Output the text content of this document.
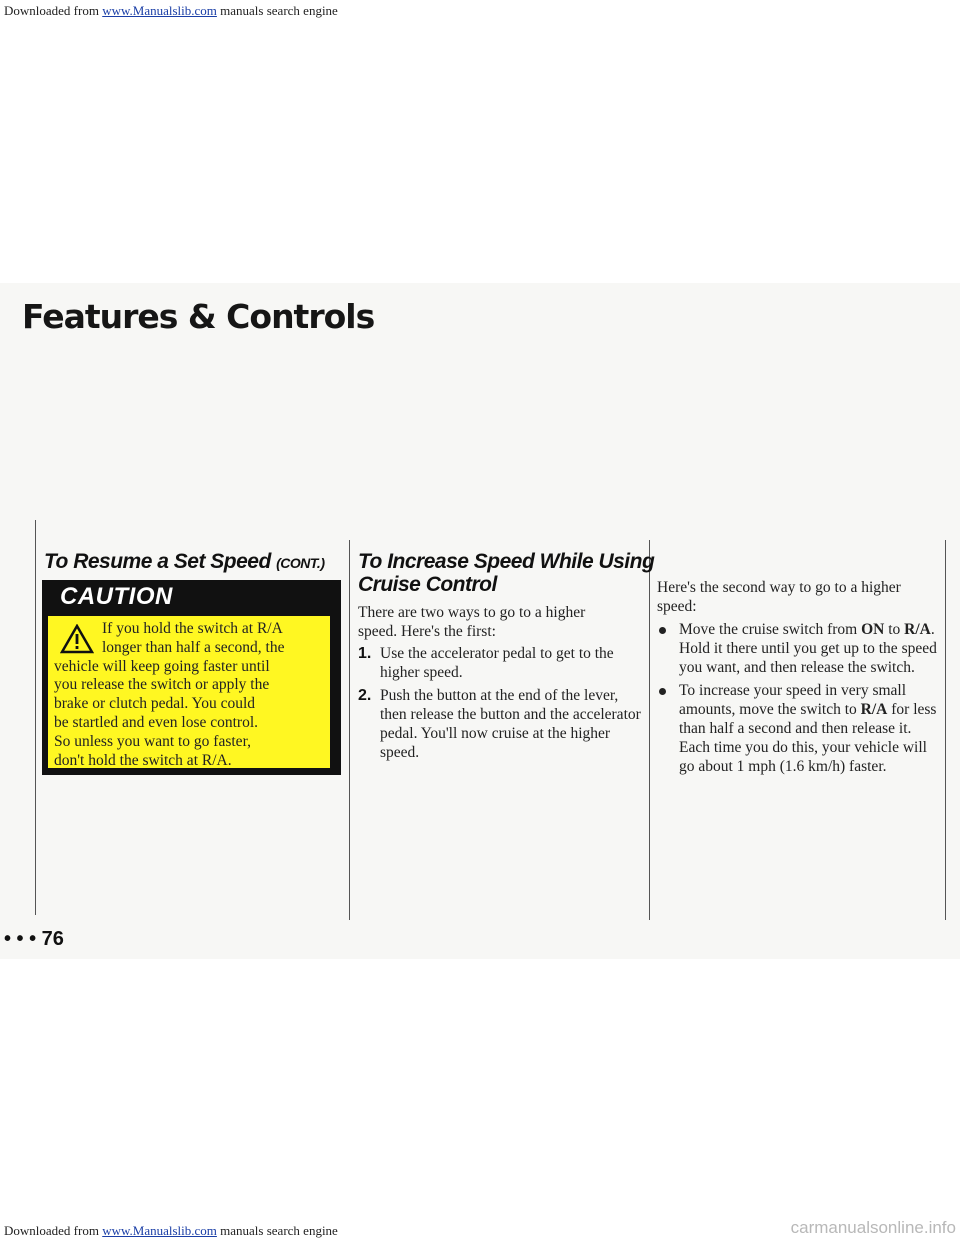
Downloaded from www.Manualslib.com manuals search engine
Features & Controls
To Resume a Set Speed (CONT.)
CAUTION
If you hold the switch at R/A
longer than half a second, the
vehicle will keep going faster until
you release the switch or apply the
brake or clutch pedal. You could
be startled and even lose control.
So unless you want to go faster,
don't hold the switch at R/A.
To Increase Speed While Using
Cruise Control
There are two ways to go to a higher speed. Here's the first:
1. Use the accelerator pedal to get to the higher speed.
2. Push the button at the end of the lever, then release the button and the accelerator pedal. You'll now cruise at the higher speed.
Here's the second way to go to a higher speed:
Move the cruise switch from ON to R/A. Hold it there until you get up to the speed you want, and then release the switch.
To increase your speed in very small amounts, move the switch to R/A for less than half a second and then release it. Each time you do this, your vehicle will go about 1 mph (1.6 km/h) faster.
• • • 76
Downloaded from www.Manualslib.com manuals search engine	carmanualsonline.info
